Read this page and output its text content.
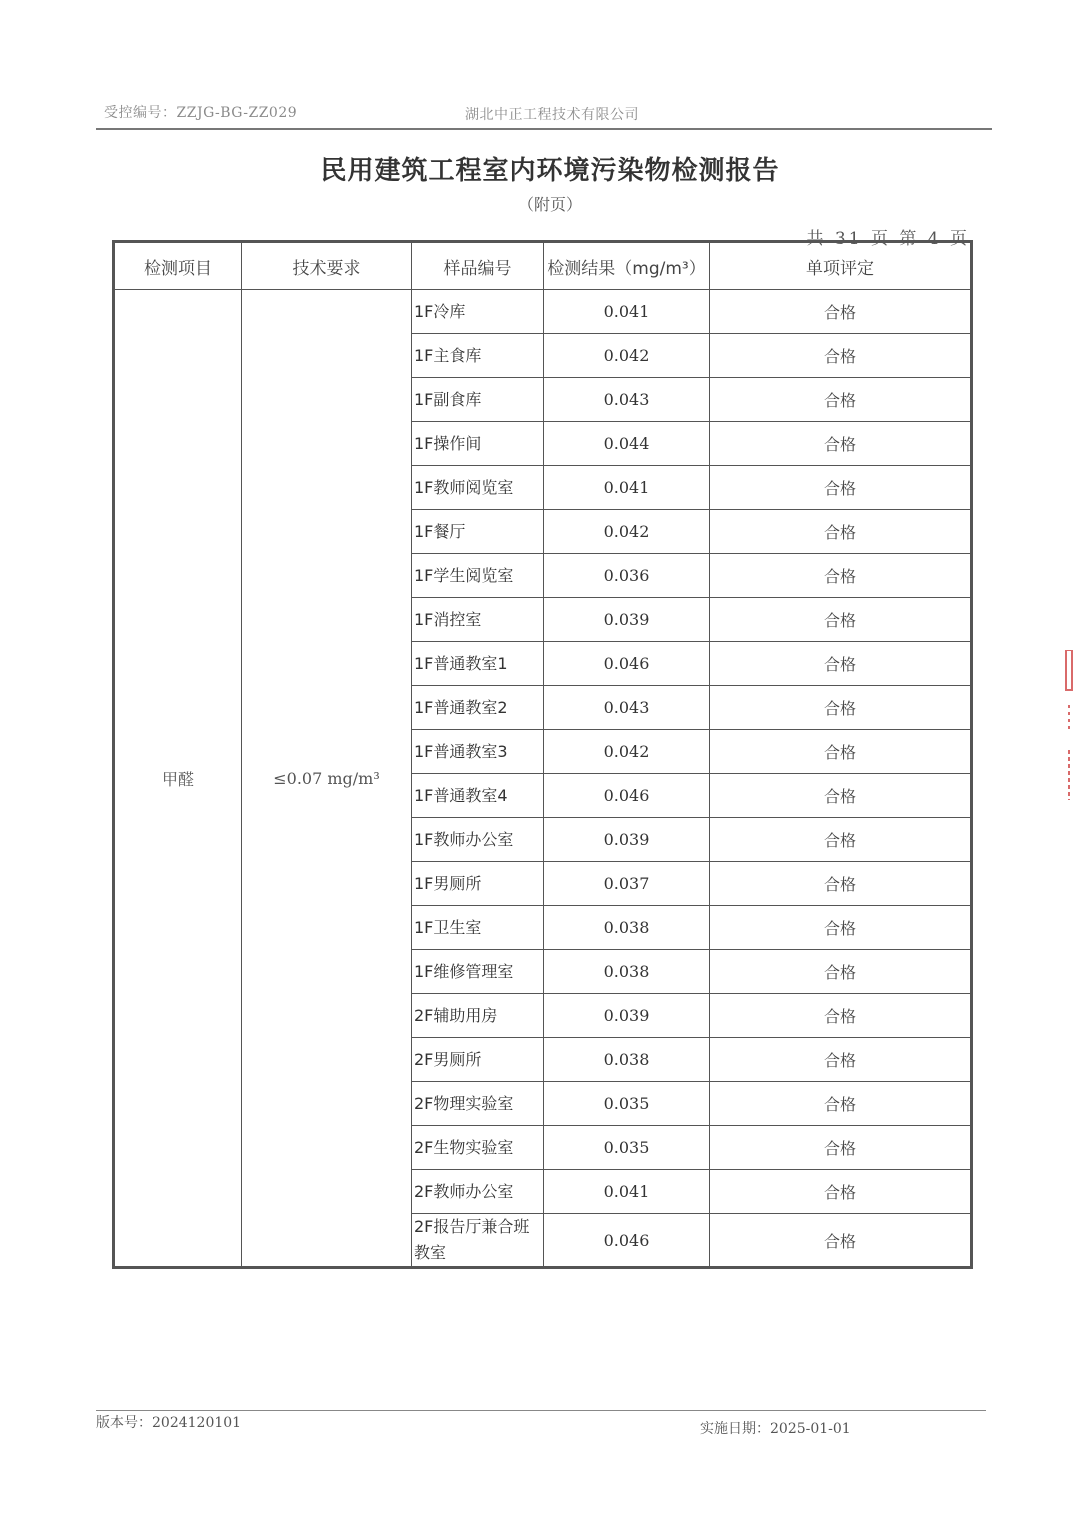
受控编号：ZZJG-BG-ZZ029	湖北中正工程技术有限公司
民用建筑工程室内环境污染物检测报告
（附页）
共 31 页 第 4 页
检测项目	技术要求	样品编号	检测结果（mg/m³）	单项评定
甲醛	≤0.07 mg/m³	1F冷库	0.041	合格
		1F主食库	0.042	合格
		1F副食库	0.043	合格
		1F操作间	0.044	合格
		1F教师阅览室	0.041	合格
		1F餐厅	0.042	合格
		1F学生阅览室	0.036	合格
		1F消控室	0.039	合格
		1F普通教室1	0.046	合格
		1F普通教室2	0.043	合格
		1F普通教室3	0.042	合格
		1F普通教室4	0.046	合格
		1F教师办公室	0.039	合格
		1F男厕所	0.037	合格
		1F卫生室	0.038	合格
		1F维修管理室	0.038	合格
		2F辅助用房	0.039	合格
		2F男厕所	0.038	合格
		2F物理实验室	0.035	合格
		2F生物实验室	0.035	合格
		2F教师办公室	0.041	合格
		2F报告厅兼合班教室	0.046	合格
版本号：2024120101	实施日期：2025-01-01
